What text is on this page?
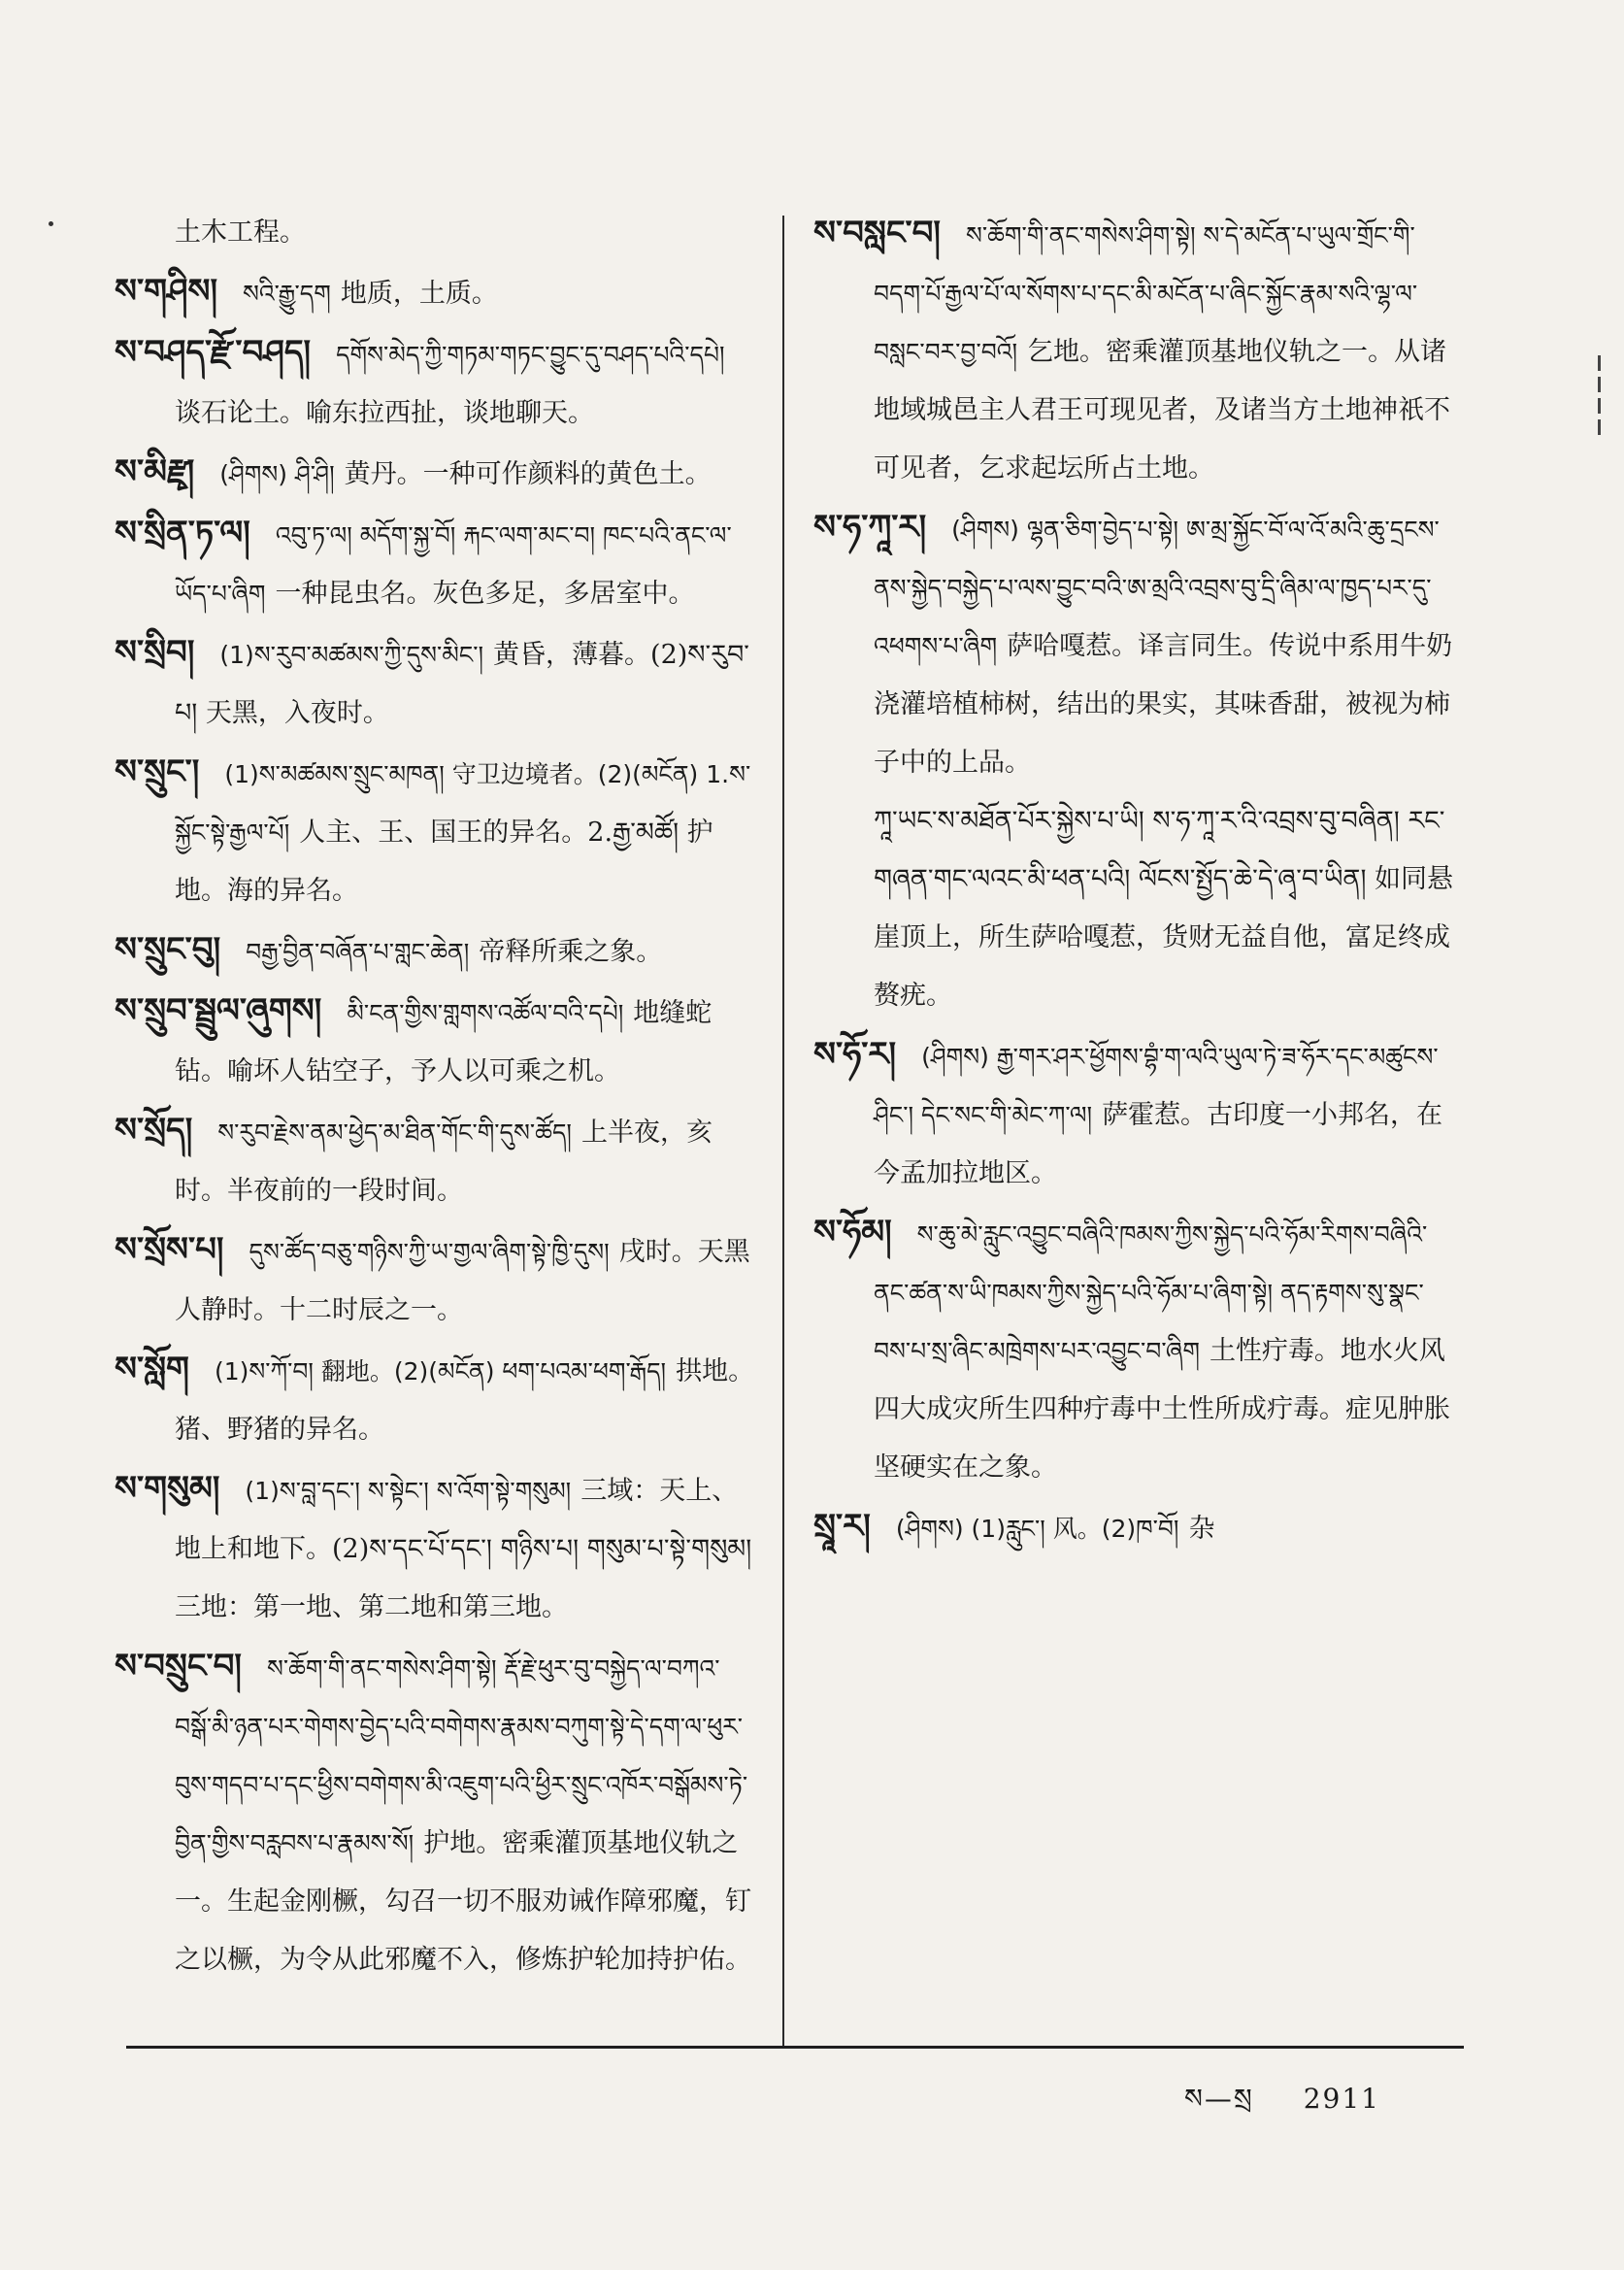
土木工程。
ས་གཤིས། སའི་རྒྱུ་དག 地质，土质。
ས་བཤད་རྫོ་བཤད། དགོས་མེད་ཀྱི་གཏམ་གཏང་བྱུང་དུ་བཤད་པའི་དཔེ།谈石论土。喻东拉西扯，谈地聊天。
ས་མིརྫྭ། (ཤིགས) ཤི་ཤི། 黄丹。一种可作颜料的黄色土。
ས་སྲིན་ཏ་ལ། འབུ་ཏ་ལ། མདོག་སྐྱ་བོ། རྐང་ལག་མང་བ། ཁང་པའི་ནང་ལ་ཡོད་པ་ཞིག 一种昆虫名。灰色多足，多居室中。
ས་སྲིབ། (1)ས་རུབ་མཚམས་ཀྱི་དུས་མིང་། 黄昏，薄暮。(2)ས་རུབ་པ། 天黑，入夜时。
ས་སྲུང་། (1)ས་མཚམས་སྲུང་མཁན། 守卫边境者。(2)(མངོན) 1.ས་སྐྱོང་སྟེ་རྒྱལ་པོ། 人主、王、国王的异名。2.རྒྱ་མཚོ། 护地。海的异名。
ས་སྲུང་བུ། བརྒྱ་བྱིན་བཞོན་པ་གླང་ཆེན། 帝释所乘之象。
ས་སྲུབ་སྦྲུལ་ཞུགས། མི་ངན་གྱིས་གླགས་འཚོལ་བའི་དཔེ། 地缝蛇钻。喻坏人钻空子，予人以可乘之机。
ས་སྲོད། ས་རུབ་རྗེས་ནམ་ཕྱེད་མ་ཐིན་གོང་གི་དུས་ཚོད། 上半夜，亥时。半夜前的一段时间。
ས་སྲོས་པ། དུས་ཚོད་བཅུ་གཉིས་ཀྱི་ཡ་གྱལ་ཞིག་སྟེ་ཁྱི་དུས། 戌时。天黑人静时。十二时辰之一。
ས་སློག (1)ས་ཀོ་བ། 翻地。(2)(མངོན) ཕག་པའམ་ཕག་རྒོད། 拱地。猪、野猪的异名。
ས་གསུམ། (1)ས་བླ་དང་། ས་སྟེང་། ས་འོག་སྟེ་གསུམ། 三域：天上、地上和地下。(2)ས་དང་པོ་དང་། གཉིས་པ། གསུམ་པ་སྟེ་གསུམ། 三地：第一地、第二地和第三地。
ས་བསྲུང་བ། ས་ཆོག་གི་ནང་གསེས་ཤིག་སྟེ། རྡོ་རྗེ་ཕུར་བུ་བསྐྱེད་ལ་བཀའ་བསྒོ་མི་ཉན་པར་གེགས་བྱེད་པའི་བགེགས་རྣམས་བཀུག་སྟེ་དེ་དག་ལ་ཕུར་བུས་གདབ་པ་དང་ཕྱིས་བགེགས་མི་འཇུག་པའི་ཕྱིར་སྲུང་འཁོར་བསྒོམས་ཏེ་བྱིན་གྱིས་བརླབས་པ་རྣམས་སོ། 护地。密乘灌顶基地仪轨之一。生起金刚橛，勾召一切不服劝诫作障邪魔，钉之以橛，为令从此邪魔不入，修炼护轮加持护佑。
ས་བསླང་བ། ས་ཆོག་གི་ནང་གསེས་ཤིག་སྟེ། ས་དེ་མངོན་པ་ཡུལ་གྲོང་གི་བདག་པོ་རྒྱལ་པོ་ལ་སོགས་པ་དང་མི་མངོན་པ་ཞིང་སྐྱོང་རྣམ་སའི་ལྷ་ལ་བསླང་བར་བྱ་བའོ། 乞地。密乘灌顶基地仪轨之一。从诸地域城邑主人君王可现见者，及诸当方土地神祇不可见者，乞求起坛所占土地。
ས་ཧ་ཀཱ་ར། (ཤིགས) ལྷན་ཅིག་བྱེད་པ་སྟེ། ཨ་མྲ་སྐྱོང་བོ་ལ་འོ་མའི་ཆུ་དྲངས་ནས་སྐྱེད་བསྐྱེད་པ་ལས་བྱུང་བའི་ཨ་མྲའི་འབྲས་བུ་དྲི་ཞིམ་ལ་ཁྱད་པར་དུ་འཕགས་པ་ཞིག 萨哈嘎惹。译言同生。传说中系用牛奶浇灌培植柿树，结出的果实，其味香甜，被视为柿子中的上品。
ཀཱ་ཡང་ས་མཐོན་པོར་སྐྱེས་པ་ཡི། ས་ཧ་ཀཱ་ར་འི་འབྲས་བུ་བཞིན། རང་གཞན་གང་ལའང་མི་ཕན་པའི། ལོངས་སྤྱོད་ཆེ་དེ་ཞྭ་བ་ཡིན། 如同悬崖顶上，所生萨哈嘎惹，货财无益自他，富足终成赘疣。
ས་ཧོ་ར། (ཤིགས) རྒྱ་གར་ཤར་ཕྱོགས་བྷཾ་ག་ལའི་ཡུལ་ཏེ་ཟ་ཧོར་དང་མཚུངས་ཤིང་། དེང་སང་གི་མེང་ཀ་ལ། 萨霍惹。古印度一小邦名，在今孟加拉地区。
ས་ཧོམ། ས་ཆུ་མེ་རླུང་འབྱུང་བཞིའི་ཁམས་ཀྱིས་སྐྱེད་པའི་ཧོམ་རིགས་བཞིའི་ནང་ཚན་ས་ཡི་ཁམས་ཀྱིས་སྐྱེད་པའི་ཧོམ་པ་ཞིག་སྟེ། ནད་རྟགས་སུ་སྣང་བས་པ་སྲ་ཞིང་མཁྲེགས་པར་འབྱུང་བ་ཞིག 土性疔毒。地水火风四大成灾所生四种疔毒中土性所成疔毒。症见肿胀坚硬实在之象。
སྲཱ་ར། (ཤིགས) (1)རླུང་། 风。(2)ཁ་བོ། 杂
ས—སྲ 2911
